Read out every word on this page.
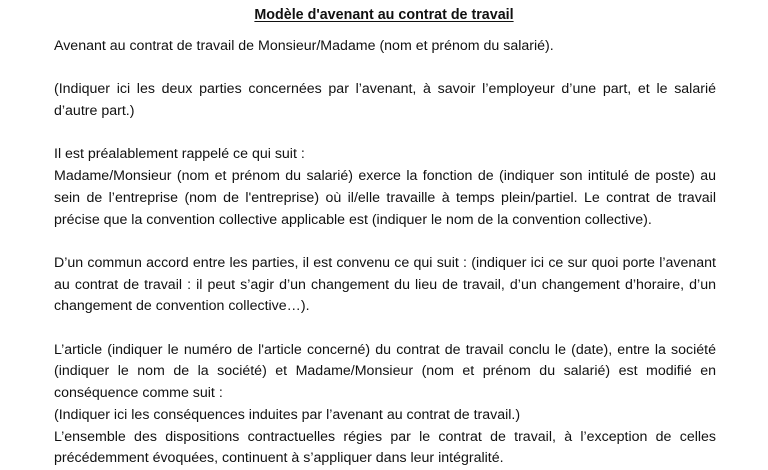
Modèle d'avenant au contrat de travail

Avenant au contrat de travail de Monsieur/Madame (nom et prénom du salarié).

(Indiquer ici les deux parties concernées par l’avenant, à savoir l’employeur d’une part, et le salarié d’autre part.)

Il est préalablement rappelé ce qui suit :

Madame/Monsieur (nom et prénom du salarié) exerce la fonction de (indiquer son intitulé de poste) au sein de l’entreprise (nom de l'entreprise) où il/elle travaille à temps plein/partiel. Le contrat de travail précise que la convention collective applicable est (indiquer le nom de la convention collective).

D’un commun accord entre les parties, il est convenu ce qui suit : (indiquer ici ce sur quoi porte l’avenant au contrat de travail : il peut s’agir d’un changement du lieu de travail, d’un changement d’horaire, d’un changement de convention collective…).

L’article (indiquer le numéro de l'article concerné) du contrat de travail conclu le (date), entre la société (indiquer le nom de la société) et Madame/Monsieur (nom et prénom du salarié) est modifié en conséquence comme suit :

(Indiquer ici les conséquences induites par l’avenant au contrat de travail.)

L’ensemble des dispositions contractuelles régies par le contrat de travail, à l’exception de celles précédemment évoquées, continuent à s’appliquer dans leur intégralité.
